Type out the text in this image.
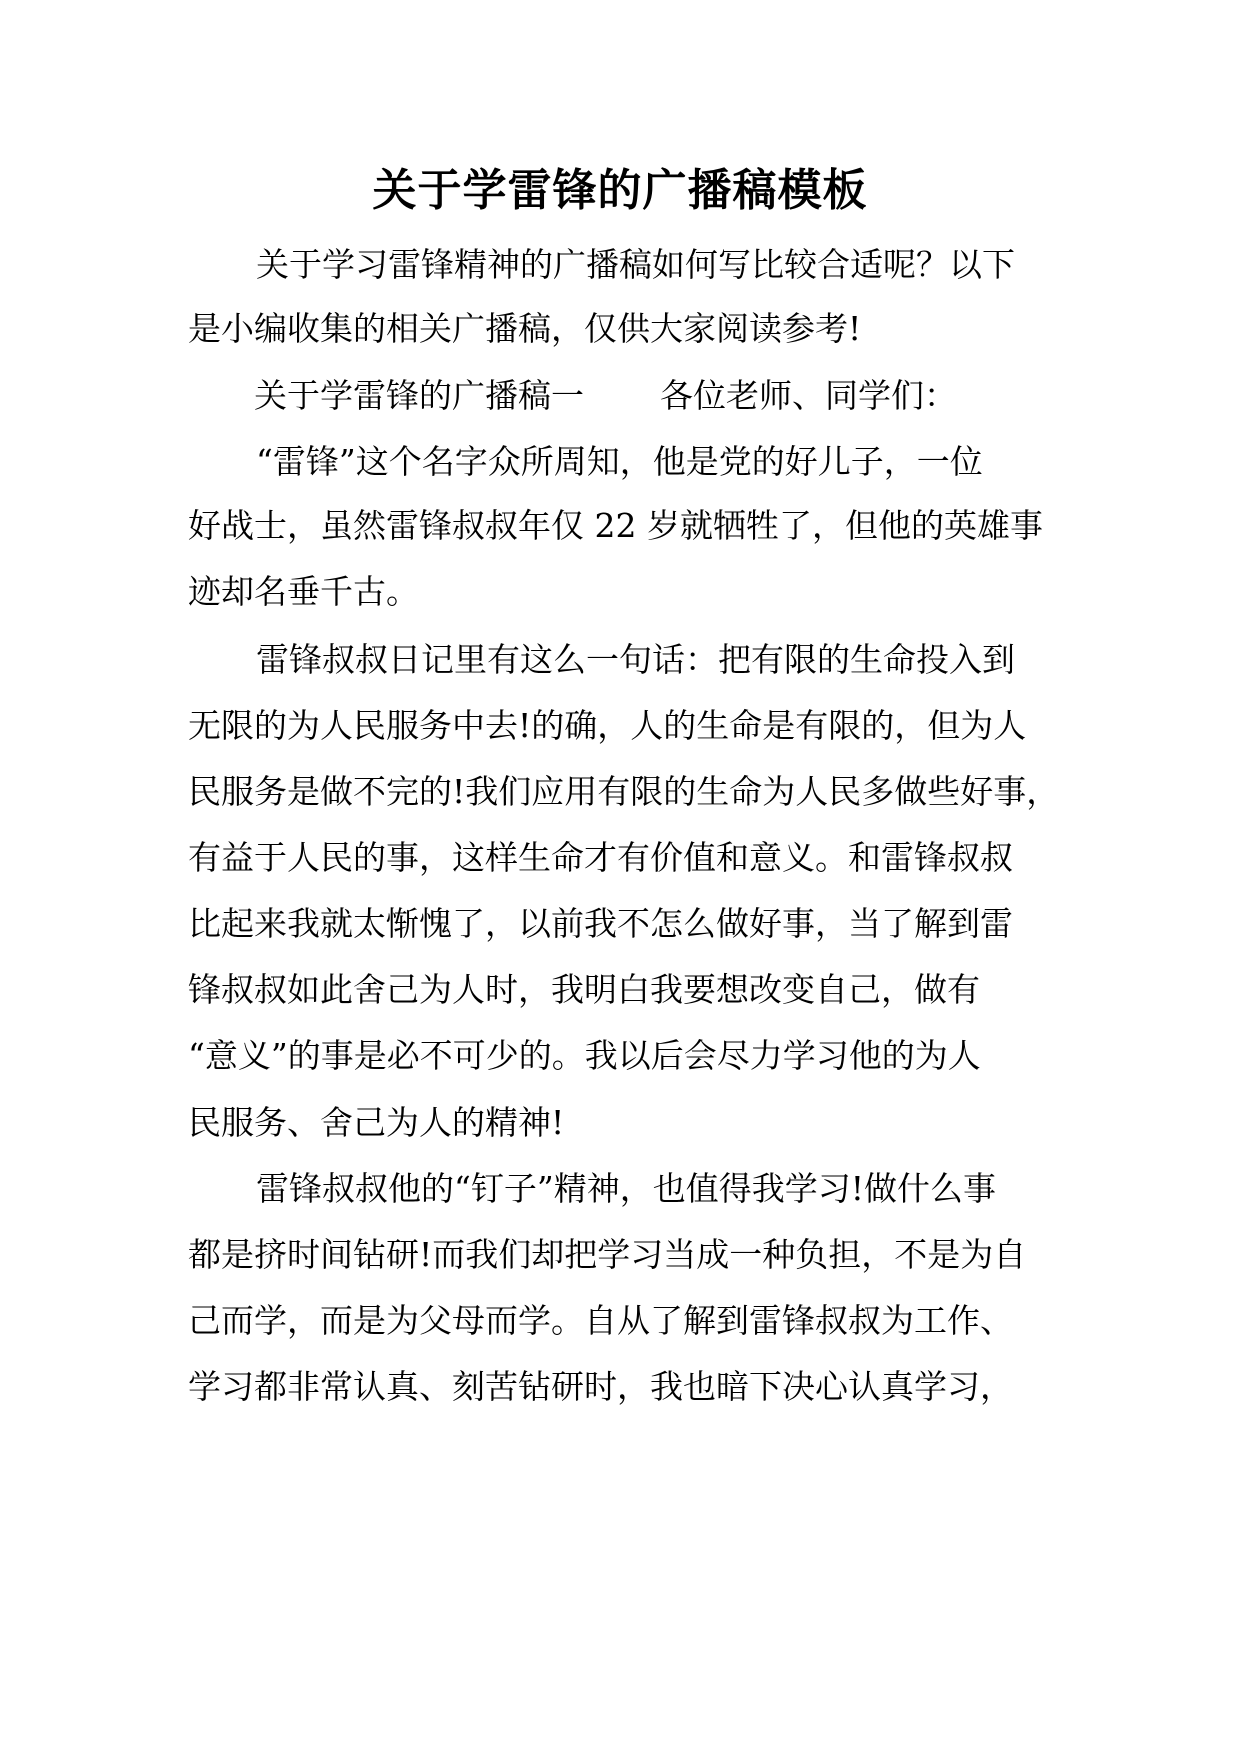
关于学雷锋的广播稿模板

关于学习雷锋精神的广播稿如何写比较合适呢？以下

是小编收集的相关广播稿，仅供大家阅读参考!

关于学雷锋的广播稿一 各位老师、同学们：

“雷锋”这个名字众所周知，他是党的好儿子，一位

好战士，虽然雷锋叔叔年仅 22 岁就牺牲了，但他的英雄事

迹却名垂千古。

雷锋叔叔日记里有这么一句话：把有限的生命投入到

无限的为人民服务中去!的确，人的生命是有限的，但为人

民服务是做不完的!我们应用有限的生命为人民多做些好事，

有益于人民的事，这样生命才有价值和意义。和雷锋叔叔

比起来我就太惭愧了，以前我不怎么做好事，当了解到雷

锋叔叔如此舍己为人时，我明白我要想改变自己，做有

“意义”的事是必不可少的。我以后会尽力学习他的为人

民服务、舍己为人的精神!

雷锋叔叔他的“钉子”精神，也值得我学习!做什么事

都是挤时间钻研!而我们却把学习当成一种负担，不是为自

己而学，而是为父母而学。自从了解到雷锋叔叔为工作、

学习都非常认真、刻苦钻研时，我也暗下决心认真学习，
